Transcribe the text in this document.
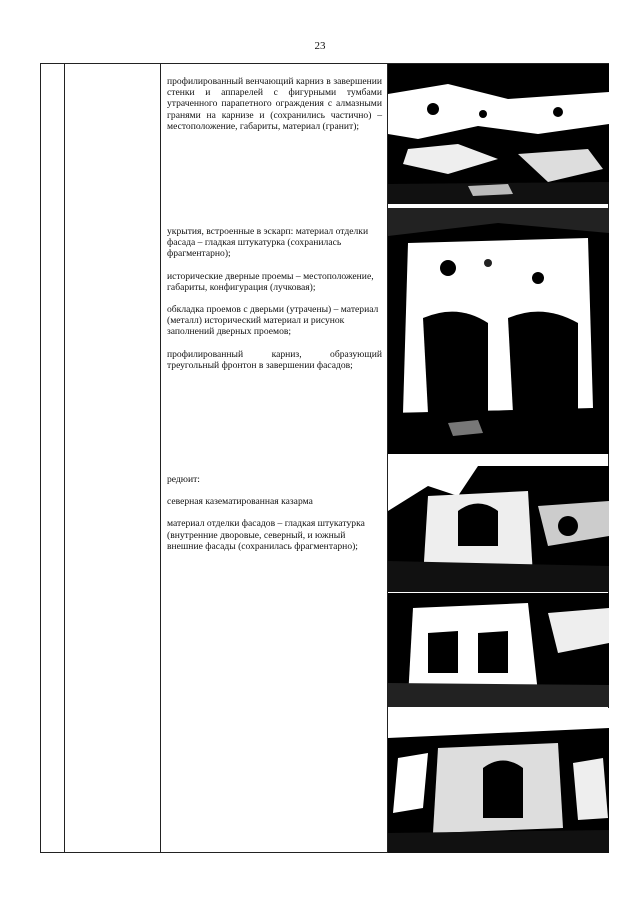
23

профилированный венчающий карниз в завершении стенки и аппарелей с фигурными тумбами утраченного парапетного ограждения с алмазными гранями на карнизе и (сохранились частично) – местоположение, габариты, материал (гранит);

укрытия, встроенные в эскарп: материал отделки фасада – гладкая штукатурка (сохранилась фрагментарно);

исторические дверные проемы – местоположение, габариты, конфигурация (лучковая);

обкладка проемов с дверьми (утрачены) – материал (металл) исторический материал и рисунок заполнений дверных проемов;

профилированный карниз, образующий треугольный фронтон в завершении фасадов;

редюит:

северная казематированная казарма

материал отделки фасадов – гладкая штукатурка (внутренние дворовые, северный, и южный внешние фасады (сохранилась фрагментарно);
